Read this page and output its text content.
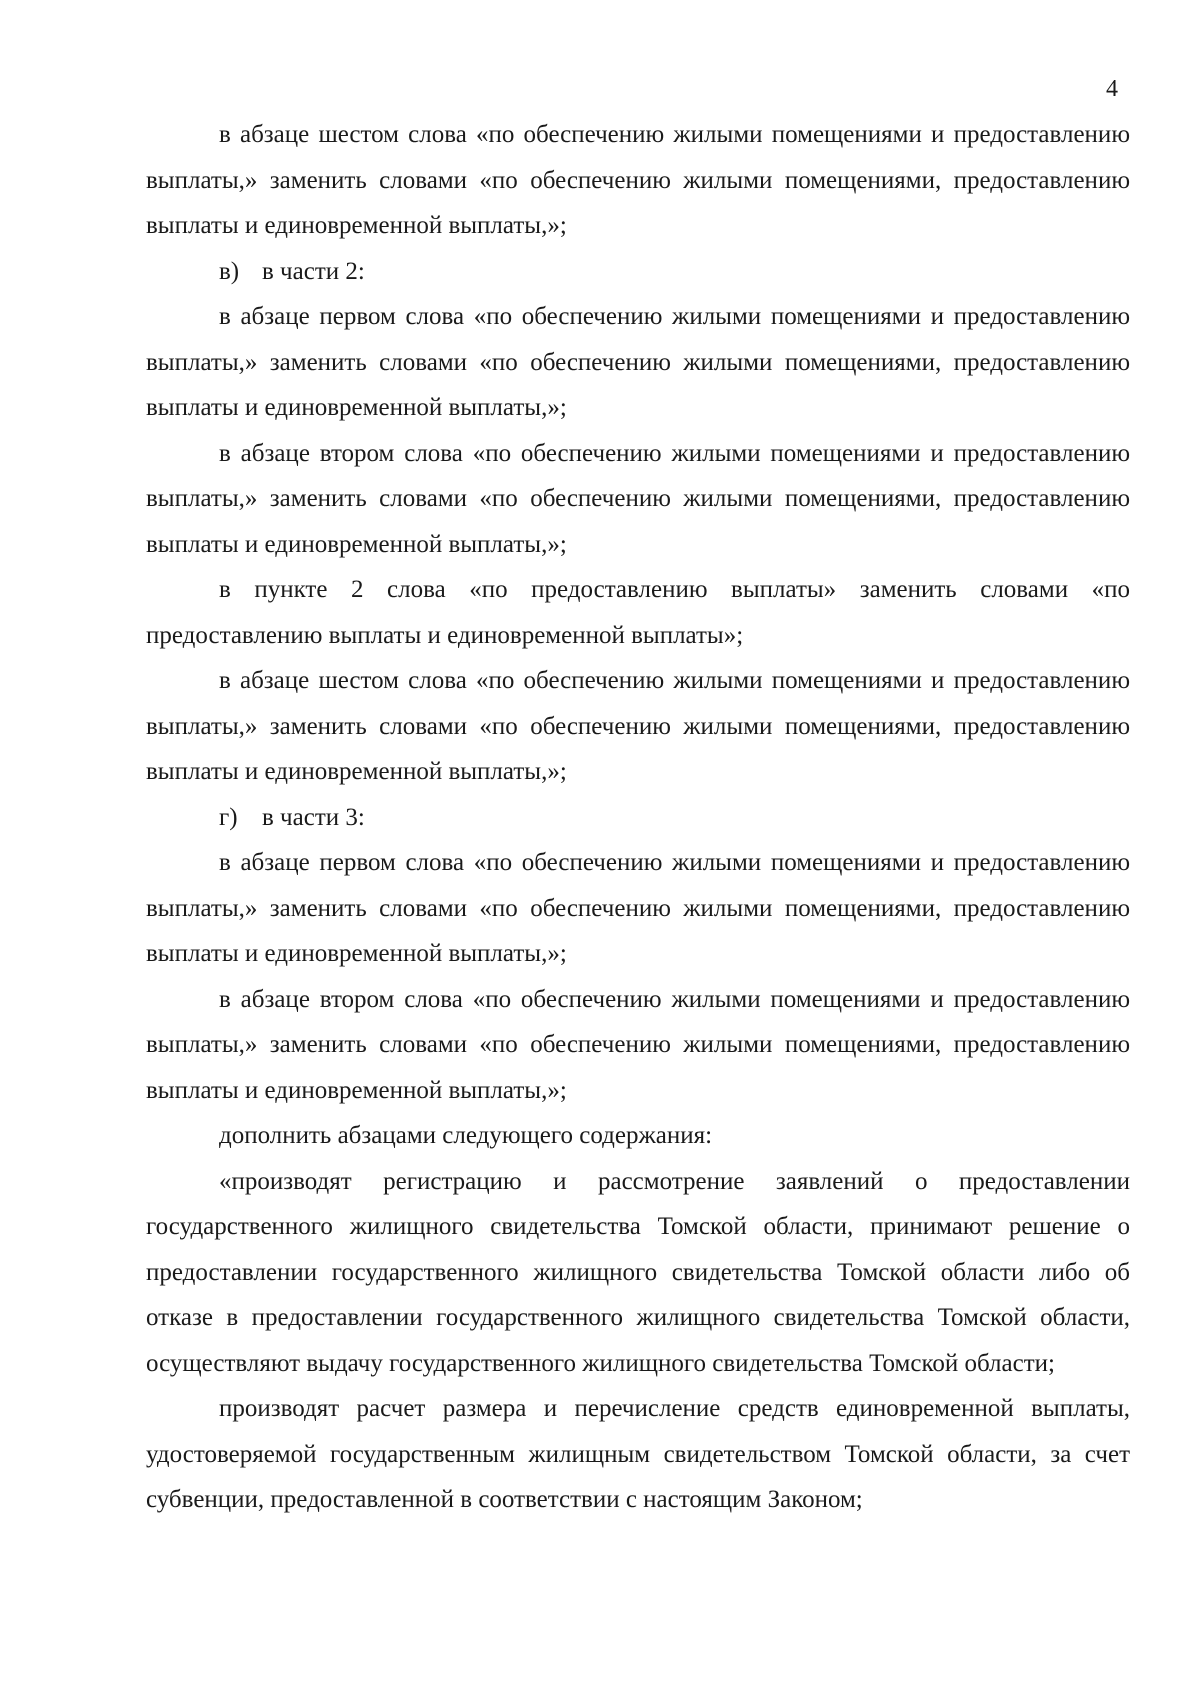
4

в абзаце шестом слова «по обеспечению жилыми помещениями и предоставлению выплаты,» заменить словами «по обеспечению жилыми помещениями, предоставлению выплаты и единовременной выплаты,»;

в) в части 2:

в абзаце первом слова «по обеспечению жилыми помещениями и предоставлению выплаты,» заменить словами «по обеспечению жилыми помещениями, предоставлению выплаты и единовременной выплаты,»;

в абзаце втором слова «по обеспечению жилыми помещениями и предоставлению выплаты,» заменить словами «по обеспечению жилыми помещениями, предоставлению выплаты и единовременной выплаты,»;

в пункте 2 слова «по предоставлению выплаты» заменить словами «по предоставлению выплаты и единовременной выплаты»;

в абзаце шестом слова «по обеспечению жилыми помещениями и предоставлению выплаты,» заменить словами «по обеспечению жилыми помещениями, предоставлению выплаты и единовременной выплаты,»;

г) в части 3:

в абзаце первом слова «по обеспечению жилыми помещениями и предоставлению выплаты,» заменить словами «по обеспечению жилыми помещениями, предоставлению выплаты и единовременной выплаты,»;

в абзаце втором слова «по обеспечению жилыми помещениями и предоставлению выплаты,» заменить словами «по обеспечению жилыми помещениями, предоставлению выплаты и единовременной выплаты,»;

дополнить абзацами следующего содержания:

«производят регистрацию и рассмотрение заявлений о предоставлении государственного жилищного свидетельства Томской области, принимают решение о предоставлении государственного жилищного свидетельства Томской области либо об отказе в предоставлении государственного жилищного свидетельства Томской области, осуществляют выдачу государственного жилищного свидетельства Томской области;

производят расчет размера и перечисление средств единовременной выплаты, удостоверяемой государственным жилищным свидетельством Томской области, за счет субвенции, предоставленной в соответствии с настоящим Законом;
